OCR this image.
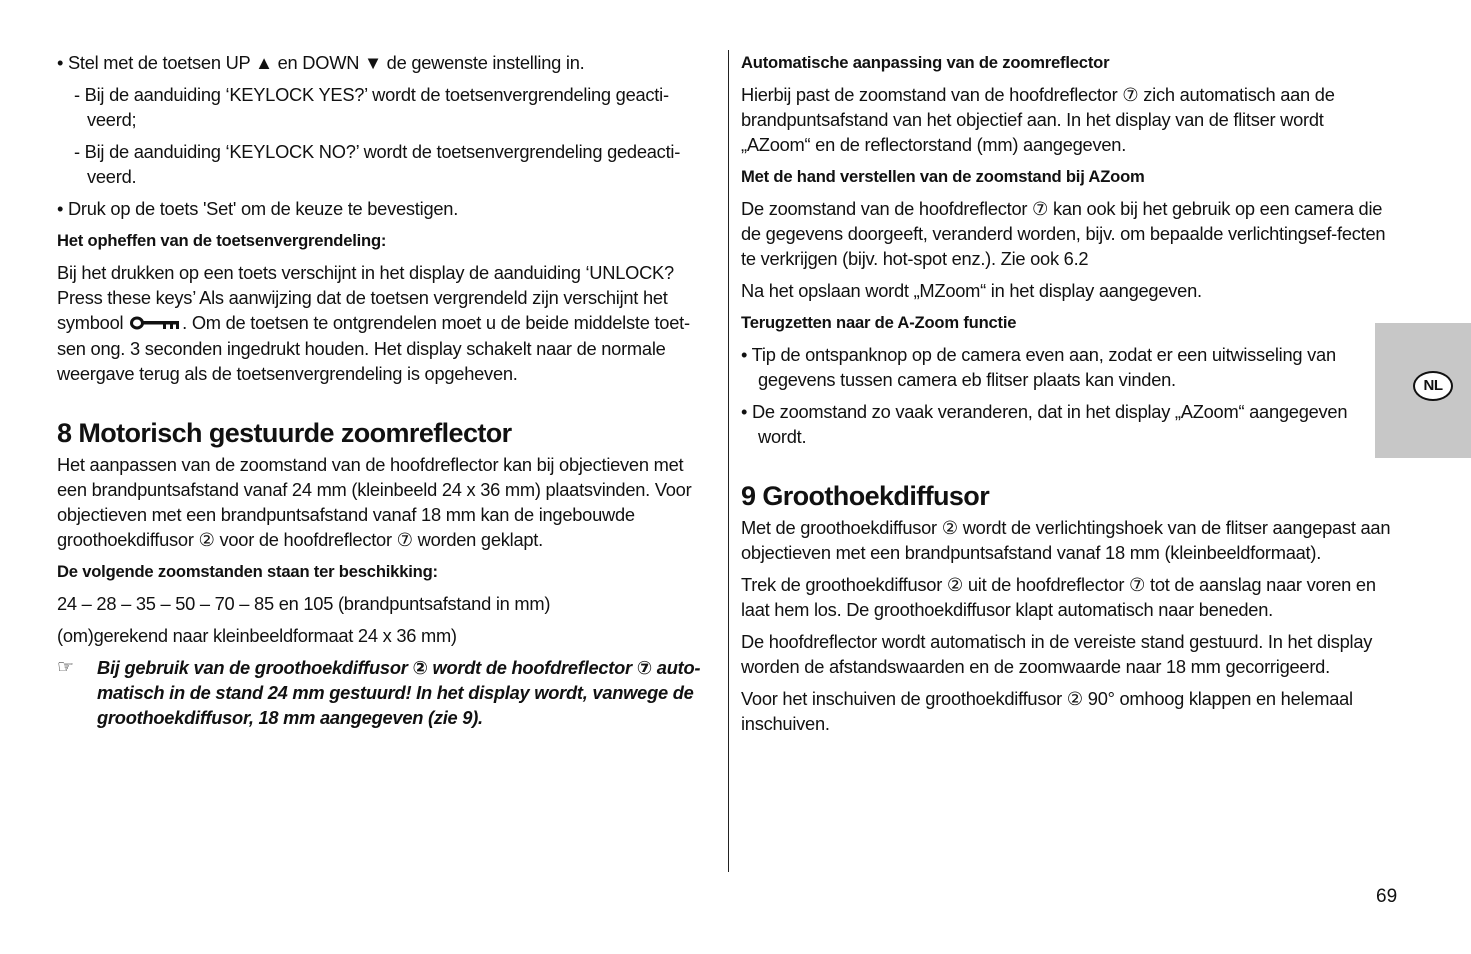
• Stel met de toetsen UP ▲ en DOWN ▼ de gewenste instelling in.

- Bij de aanduiding ‘KEYLOCK YES?’ wordt de toetsenvergrendeling geacti-veerd;

- Bij de aanduiding ‘KEYLOCK NO?’ wordt de toetsenvergrendeling gedeacti-veerd.

• Druk op de toets 'Set' om de keuze te bevestigen.

Het opheffen van de toetsenvergrendeling:

Bij het drukken op een toets verschijnt in het display de aanduiding ‘UNLOCK? Press these keys’ Als aanwijzing dat de toetsen vergrendeld zijn verschijnt het symbool	. Om de toetsen te ontgrendelen moet u de beide middelste toet-sen ong. 3 seconden ingedrukt houden. Het display schakelt naar de normale weergave terug als de toetsenvergrendeling is opgeheven.

8 Motorisch gestuurde zoomreflector

Het aanpassen van de zoomstand van de hoofdreflector kan bij objectieven met een brandpuntsafstand vanaf 24 mm (kleinbeeld 24 x 36 mm) plaatsvinden. Voor objectieven met een brandpuntsafstand vanaf 18 mm kan de ingebouwde groothoekdiffusor ② voor de hoofdreflector ⑦ worden geklapt.

De volgende zoomstanden staan ter beschikking:

24 – 28 – 35 – 50 – 70 – 85 en 105 (brandpuntsafstand in mm)

(om)gerekend naar kleinbeeldformaat 24 x 36 mm)

☞ Bij gebruik van de groothoekdiffusor ② wordt de hoofdreflector ⑦ auto-matisch in de stand 24 mm gestuurd! In het display wordt, vanwege de groothoekdiffusor, 18 mm aangegeven (zie 9).

Automatische aanpassing van de zoomreflector

Hierbij past de zoomstand van de hoofdreflector ⑦ zich automatisch aan de brandpuntsafstand van het objectief aan. In het display van de flitser wordt „AZoom“ en de reflectorstand (mm) aangegeven.

Met de hand verstellen van de zoomstand bij AZoom

De zoomstand van de hoofdreflector ⑦ kan ook bij het gebruik op een camera die de gegevens doorgeeft, veranderd worden, bijv. om bepaalde verlichtingsef-fecten te verkrijgen (bijv. hot-spot enz.). Zie ook 6.2

Na het opslaan wordt „MZoom“ in het display aangegeven.

Terugzetten naar de A-Zoom functie

• Tip de ontspanknop op de camera even aan, zodat er een uitwisseling van gegevens tussen camera eb flitser plaats kan vinden.

• De zoomstand zo vaak veranderen, dat in het display „AZoom“ aangegeven wordt.

9 Groothoekdiffusor

Met de groothoekdiffusor ② wordt de verlichtingshoek van de flitser aangepast aan objectieven met een brandpuntsafstand vanaf 18 mm (kleinbeeldformaat).

Trek de groothoekdiffusor ② uit de hoofdreflector ⑦ tot de aanslag naar voren en laat hem los. De groothoekdiffusor klapt automatisch naar beneden.

De hoofdreflector wordt automatisch in de vereiste stand gestuurd. In het display worden de afstandswaarden en de zoomwaarde naar 18 mm gecorrigeerd.

Voor het inschuiven de groothoekdiffusor ② 90° omhoog klappen en helemaal inschuiven.

NL
69
